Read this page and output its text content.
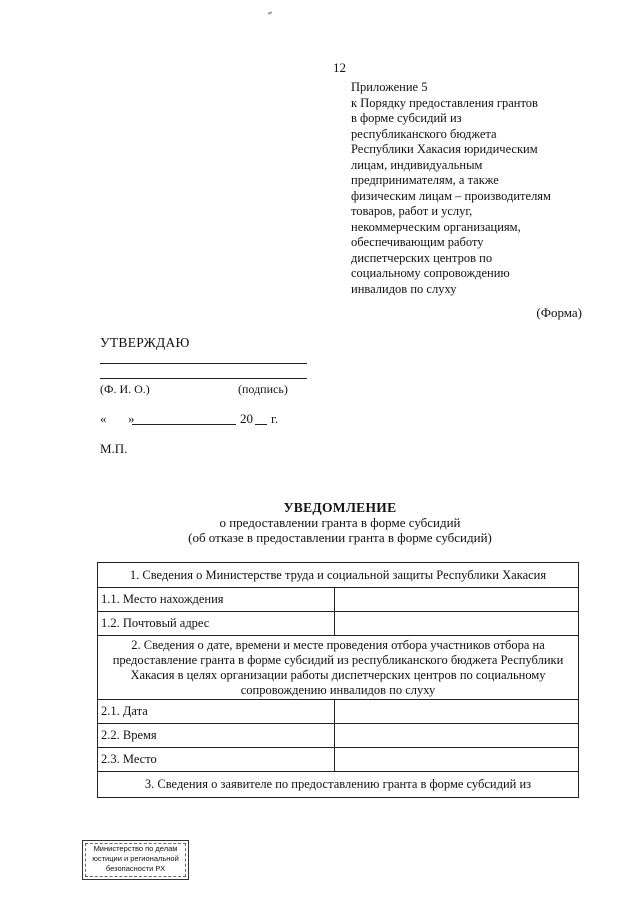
12
Приложение 5
к Порядку предоставления грантов
в форме субсидий из
республиканского бюджета
Республики Хакасия юридическим
лицам, индивидуальным
предпринимателям, а также
физическим лицам – производителям
товаров, работ и услуг,
некоммерческим организациям,
обеспечивающим работу
диспетчерских центров по
социальному сопровождению
инвалидов по слуху
(Форма)
УТВЕРЖДАЮ
(Ф. И. О.)	(подпись)
« »	20 г.
М.П.
УВЕДОМЛЕНИЕ
о предоставлении гранта в форме субсидий
(об отказе в предоставлении гранта в форме субсидий)
1. Сведения о Министерстве труда и социальной защиты Республики Хакасия	
1.1. Место нахождения	
1.2. Почтовый адрес	
2. Сведения о дате, времени и месте проведения отбора участников отбора на предоставление гранта в форме субсидий из республиканского бюджета Республики Хакасия в целях организации работы диспетчерских центров по социальному сопровождению инвалидов по слуху	
2.1. Дата	
2.2. Время	
2.3. Место	
3. Сведения о заявителе по предоставлению гранта в форме субсидий из	
Министерство по делам
юстиции и региональной
безопасности РХ
